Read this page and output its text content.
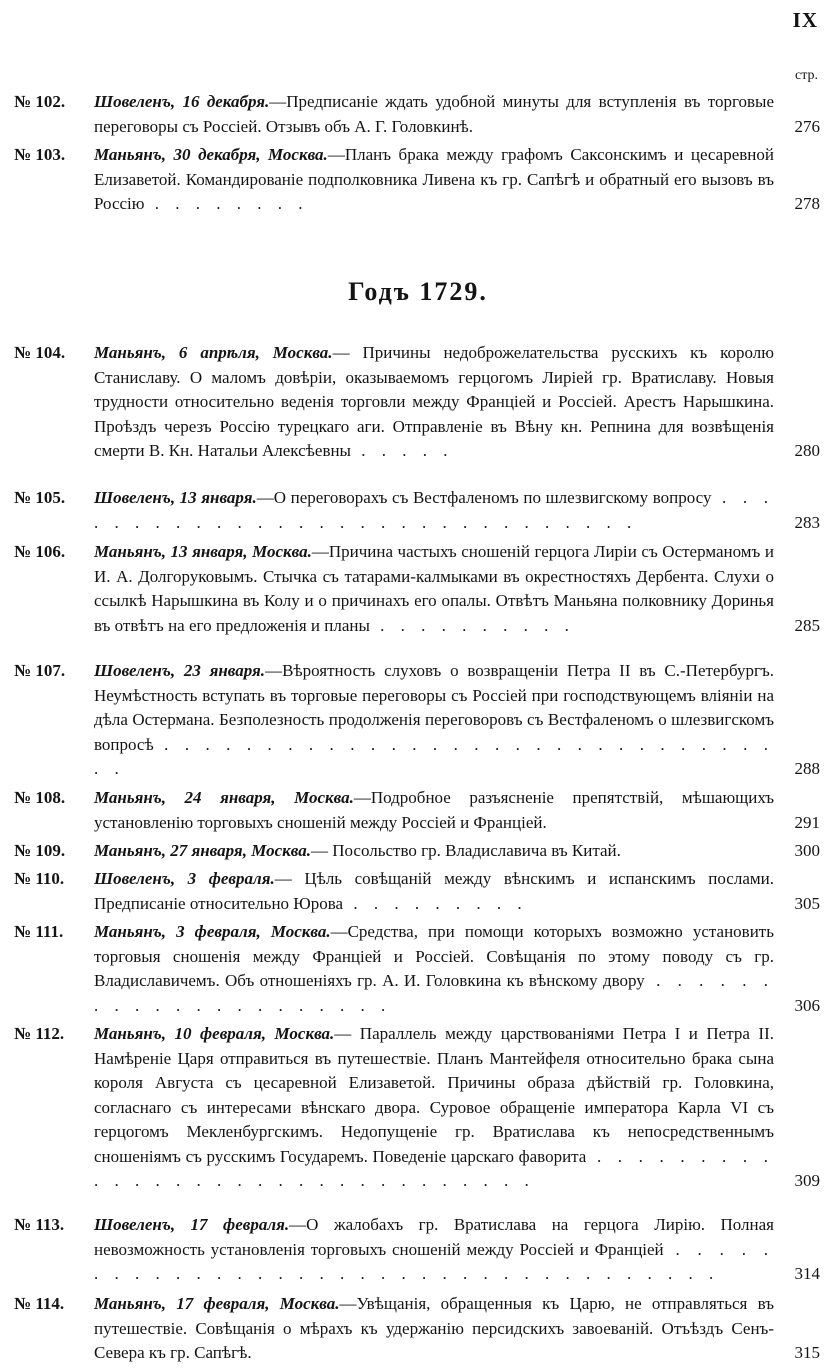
IX
стр.
№ 102. Шовеленъ, 16 декабря.—Предписаніе ждать удобной минуты для вступленія въ торговые переговоры съ Россіей. Отзывъ объ А. Г. Головкинѣ.	276
№ 103. Маньянъ, 30 декабря, Москва.—Планъ брака между графомъ Саксонскимъ и цесаревной Елизаветой. Командированіе подполковника Ливена къ гр. Сапѣгѣ и обратный его вызовъ въ Россію . . . . . . . .	278
Годъ 1729.
№ 104. Маньянъ, 6 апрѣля, Москва.— Причины недоброжелательства русскихъ къ королю Станиславу. О маломъ довѣріи, оказываемомъ герцогомъ Лиріей гр. Вратиславу. Новыя трудности относительно веденія торговли между Франціей и Россіей. Арестъ Нарышкина. Проѣздъ черезъ Россію турецкаго аги. Отправленіе въ Вѣну кн. Репнина для возвѣщенія смерти В. Кн. Натальи Алексѣевны . . . . .	280
№ 105. Шовеленъ, 13 января.—О переговорахъ съ Вестфаленомъ по шлезвигскому вопросу . . . . . . . . . . . . . . . . . . . . . . . . . . . . . .	283
№ 106. Маньянъ, 13 января, Москва.—Причина частыхъ сношеній герцога Лиріи съ Остерманомъ и И. А. Долгоруковымъ. Стычка съ татарами-калмыками въ окрестностяхъ Дербента. Слухи о ссылкѣ Нарышкина въ Колу и о причинахъ его опалы. Отвѣтъ Маньяна полковнику Доринья въ отвѣтъ на его предложенія и планы . . . . . . . . . .	285
№ 107. Шовеленъ, 23 января.—Вѣроятность слуховъ о возвращеніи Петра II въ С.-Петербургъ. Неумѣстность вступать въ торговые переговоры съ Россіей при господствующемъ вліяніи на дѣла Остермана. Безполезность продолженія переговоровъ съ Вестфаленомъ о шлезвигскомъ вопросѣ . . . . . . . . . . . . . . . . . . . . . . . . . . . . . . . .	288
№ 108. Маньянъ, 24 января, Москва.—Подробное разъясненіе препятствій, мѣшающихъ установленію торговыхъ сношеній между Россіей и Франціей.	291
№ 109. Маньянъ, 27 января, Москва.— Посольство гр. Владиславича въ Китай.	300
№ 110. Шовеленъ, 3 февраля.— Цѣль совѣщаній между вѣнскимъ и испанскимъ послами. Предписаніе относительно Юрова . . . . . . . . .	305
№ 111. Маньянъ, 3 февраля, Москва.—Средства, при помощи которыхъ возможно установить торговыя сношенія между Франціей и Россіей. Совѣщанія по этому поводу съ гр. Владиславичемъ. Объ отношеніяхъ гр. А. И. Головкина къ вѣнскому двору . . . . . . . . . . . . . . . . . . . . .	306
№ 112. Маньянъ, 10 февраля, Москва.— Параллель между царствованіями Петра I и Петра II. Намѣреніе Царя отправиться въ путешествіе. Планъ Мантейфеля относительно брака сына короля Августа съ цесаревной Елизаветой. Причины образа дѣйствій гр. Головкина, согласнаго съ интересами вѣнскаго двора. Суровое обращеніе императора Карла VI съ герцогомъ Мекленбургскимъ. Недопущеніе гр. Вратислава къ непосредственнымъ сношеніямъ съ русскимъ Государемъ. Поведеніе царскаго фаворита . . . . . . . . . . . . . . . . . . . . . . . . . . . . . . .	309
№ 113. Шовеленъ, 17 февраля.—О жалобахъ гр. Вратислава на герцога Лирію. Полная невозможность установленія торговыхъ сношеній между Россіей и Франціей . . . . . . . . . . . . . . . . . . . . . . . . . . . . . . . . . . . .	314
№ 114. Маньянъ, 17 февраля, Москва.—Увѣщанія, обращенныя къ Царю, не отправляться въ путешествіе. Совѣщанія о мѣрахъ къ удержанію персидскихъ завоеваній. Отъѣздъ Сенъ-Севера къ гр. Сапѣгѣ.	315
